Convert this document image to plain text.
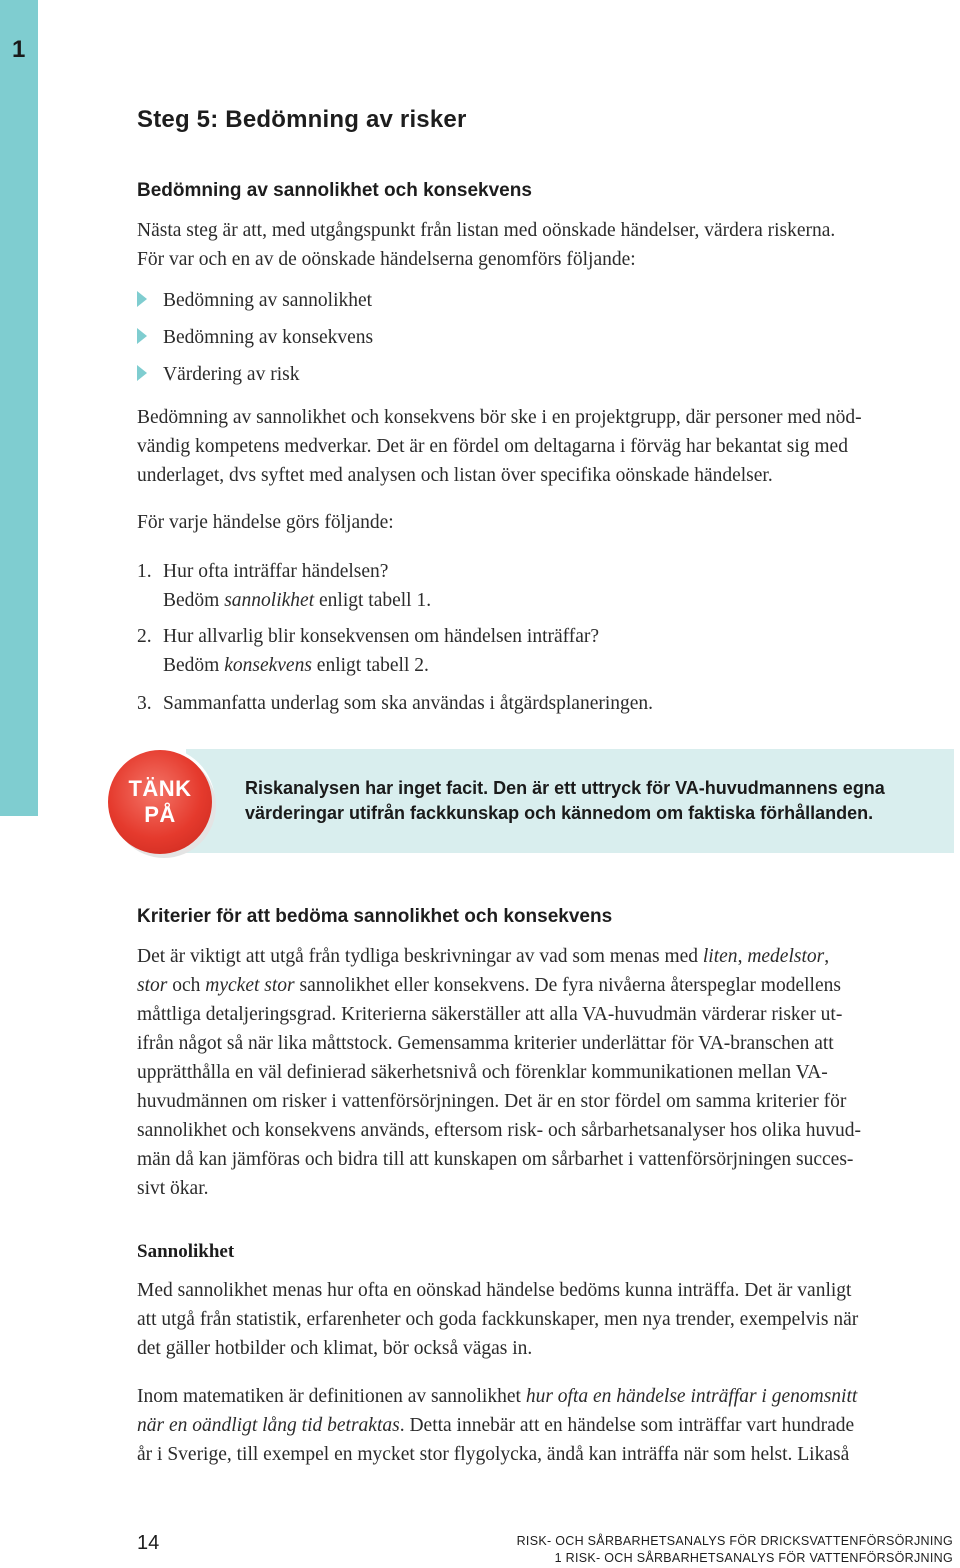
1
Steg 5: Bedömning av risker
Bedömning av sannolikhet och konsekvens

Nästa steg är att, med utgångspunkt från listan med oönskade händelser, värdera riskerna.
För var och en av de oönskade händelserna genomförs följande:

Bedömning av sannolikhet
Bedömning av konsekvens
Värdering av risk

Bedömning av sannolikhet och konsekvens bör ske i en projektgrupp, där personer med nöd-
vändig kompetens medverkar. Det är en fördel om deltagarna i förväg har bekantat sig med
underlaget, dvs syftet med analysen och listan över specifika oönskade händelser.

För varje händelse görs följande:

1. Hur ofta inträffar händelsen?
Bedöm sannolikhet enligt tabell 1.

2. Hur allvarlig blir konsekvensen om händelsen inträffar?
Bedöm konsekvens enligt tabell 2.

3. Sammanfatta underlag som ska användas i åtgärdsplaneringen.

TÄNK
PÅ

Riskanalysen har inget facit. Den är ett uttryck för VA-huvudmannens egna
värderingar utifrån fackkunskap och kännedom om faktiska förhållanden.

Kriterier för att bedöma sannolikhet och konsekvens

Det är viktigt att utgå från tydliga beskrivningar av vad som menas med liten, medelstor,
stor och mycket stor sannolikhet eller konsekvens. De fyra nivåerna återspeglar modellens
måttliga detaljeringsgrad. Kriterierna säkerställer att alla VA-huvudmän värderar risker ut-
ifrån något så när lika måttstock. Gemensamma kriterier underlättar för VA-branschen att
upprätthålla en väl definierad säkerhetsnivå och förenklar kommunikationen mellan VA-
huvudmännen om risker i vattenförsörjningen. Det är en stor fördel om samma kriterier för
sannolikhet och konsekvens används, eftersom risk- och sårbarhetsanalyser hos olika huvud-
män då kan jämföras och bidra till att kunskapen om sårbarhet i vattenförsörjningen succes-
sivt ökar.

Sannolikhet

Med sannolikhet menas hur ofta en oönskad händelse bedöms kunna inträffa. Det är vanligt
att utgå från statistik, erfarenheter och goda fackkunskaper, men nya trender, exempelvis när
det gäller hotbilder och klimat, bör också vägas in.

Inom matematiken är definitionen av sannolikhet hur ofta en händelse inträffar i genomsnitt
när en oändligt lång tid betraktas. Detta innebär att en händelse som inträffar vart hundrade
år i Sverige, till exempel en mycket stor flygolycka, ändå kan inträffa när som helst. Likaså

14	RISK- OCH SÅRBARHETSANALYS FÖR DRICKSVATTENFÖRSÖRJNING
1 RISK- OCH SÅRBARHETSANALYS FÖR VATTENFÖRSÖRJNING
